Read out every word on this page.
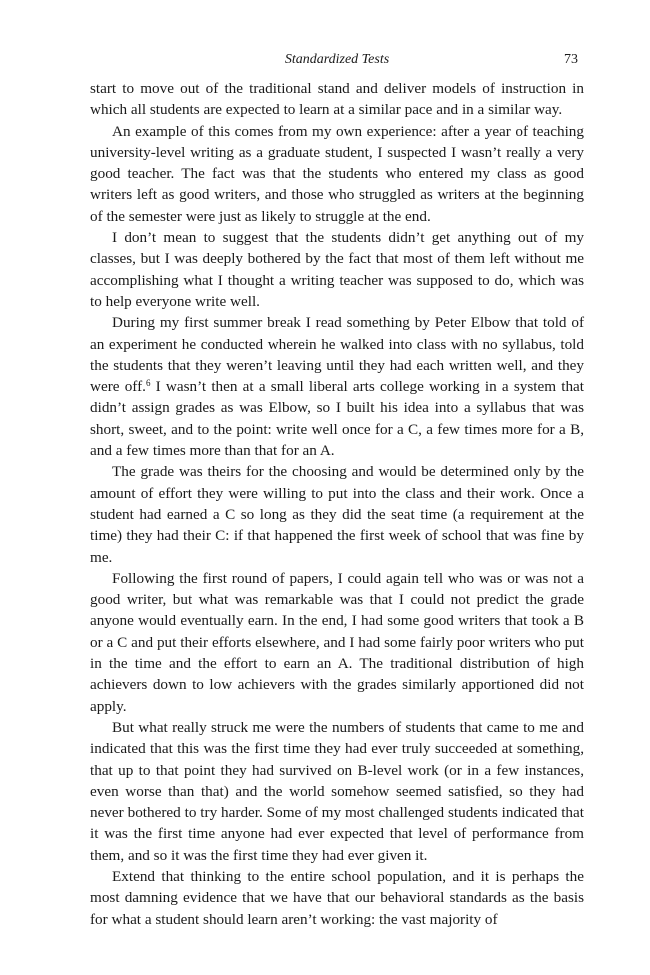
Standardized Tests	73

start to move out of the traditional stand and deliver models of instruction in which all students are expected to learn at a similar pace and in a similar way.

An example of this comes from my own experience: after a year of teaching university-level writing as a graduate student, I suspected I wasn’t really a very good teacher. The fact was that the students who entered my class as good writers left as good writers, and those who struggled as writers at the beginning of the semester were just as likely to struggle at the end.

I don’t mean to suggest that the students didn’t get anything out of my classes, but I was deeply bothered by the fact that most of them left without me accomplishing what I thought a writing teacher was supposed to do, which was to help everyone write well.

During my first summer break I read something by Peter Elbow that told of an experiment he conducted wherein he walked into class with no syllabus, told the students that they weren’t leaving until they had each written well, and they were off.$^6$ I wasn’t then at a small liberal arts college working in a system that didn’t assign grades as was Elbow, so I built his idea into a syllabus that was short, sweet, and to the point: write well once for a C, a few times more for a B, and a few times more than that for an A.

The grade was theirs for the choosing and would be determined only by the amount of effort they were willing to put into the class and their work. Once a student had earned a C so long as they did the seat time (a requirement at the time) they had their C: if that happened the first week of school that was fine by me.

Following the first round of papers, I could again tell who was or was not a good writer, but what was remarkable was that I could not predict the grade anyone would eventually earn. In the end, I had some good writers that took a B or a C and put their efforts elsewhere, and I had some fairly poor writers who put in the time and the effort to earn an A. The traditional distribution of high achievers down to low achievers with the grades similarly apportioned did not apply.

But what really struck me were the numbers of students that came to me and indicated that this was the first time they had ever truly succeeded at something, that up to that point they had survived on B-level work (or in a few instances, even worse than that) and the world somehow seemed satisfied, so they had never bothered to try harder. Some of my most challenged students indicated that it was the first time anyone had ever expected that level of performance from them, and so it was the first time they had ever given it.

Extend that thinking to the entire school population, and it is perhaps the most damning evidence that we have that our behavioral standards as the basis for what a student should learn aren’t working: the vast majority of
